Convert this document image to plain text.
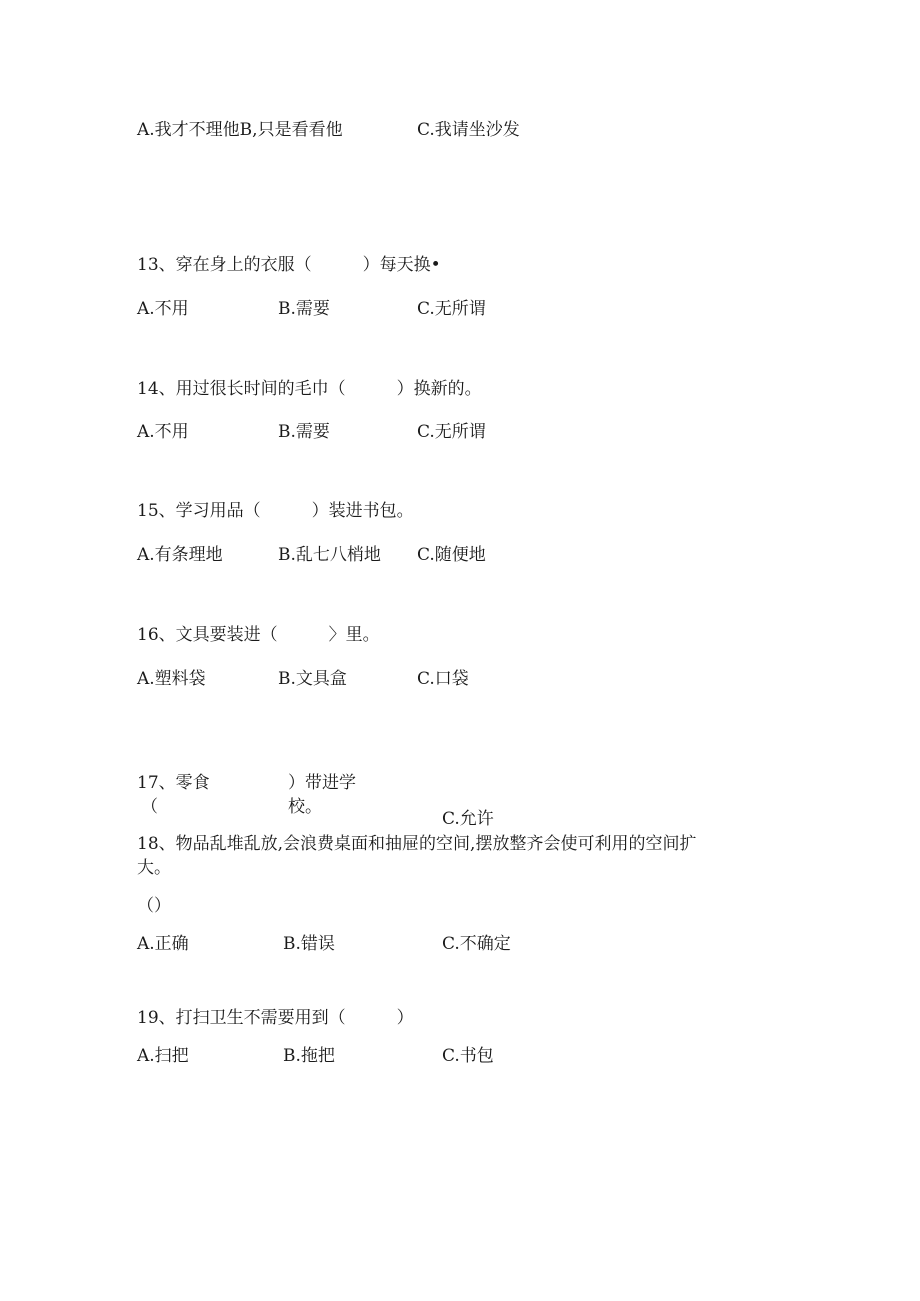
A.我才不理他B,只是看看他	C.我请坐沙发
13、穿在身上的衣服（　　　）每天换•
A.不用	B.需要	C.无所谓
14、用过很长时间的毛巾（　　　）换新的。
A.不用	B.需要	C.无所谓
15、学习用品（　　　）装进书包。
A.有条理地	B.乱七八梢地 C.随便地
16、文具要装进（　　　〉里。
A.塑料袋	B.文具盒	C.口袋
17、零食	）带进学
（	校。
C.允许
18、物品乱堆乱放,会浪费桌面和抽屉的空间,摆放整齐会使可利用的空间扩
大。
（）
A.正确	B.错误	C.不确定
19、打扫卫生不需要用到（　　　）
A.扫把	B.拖把	C.书包
